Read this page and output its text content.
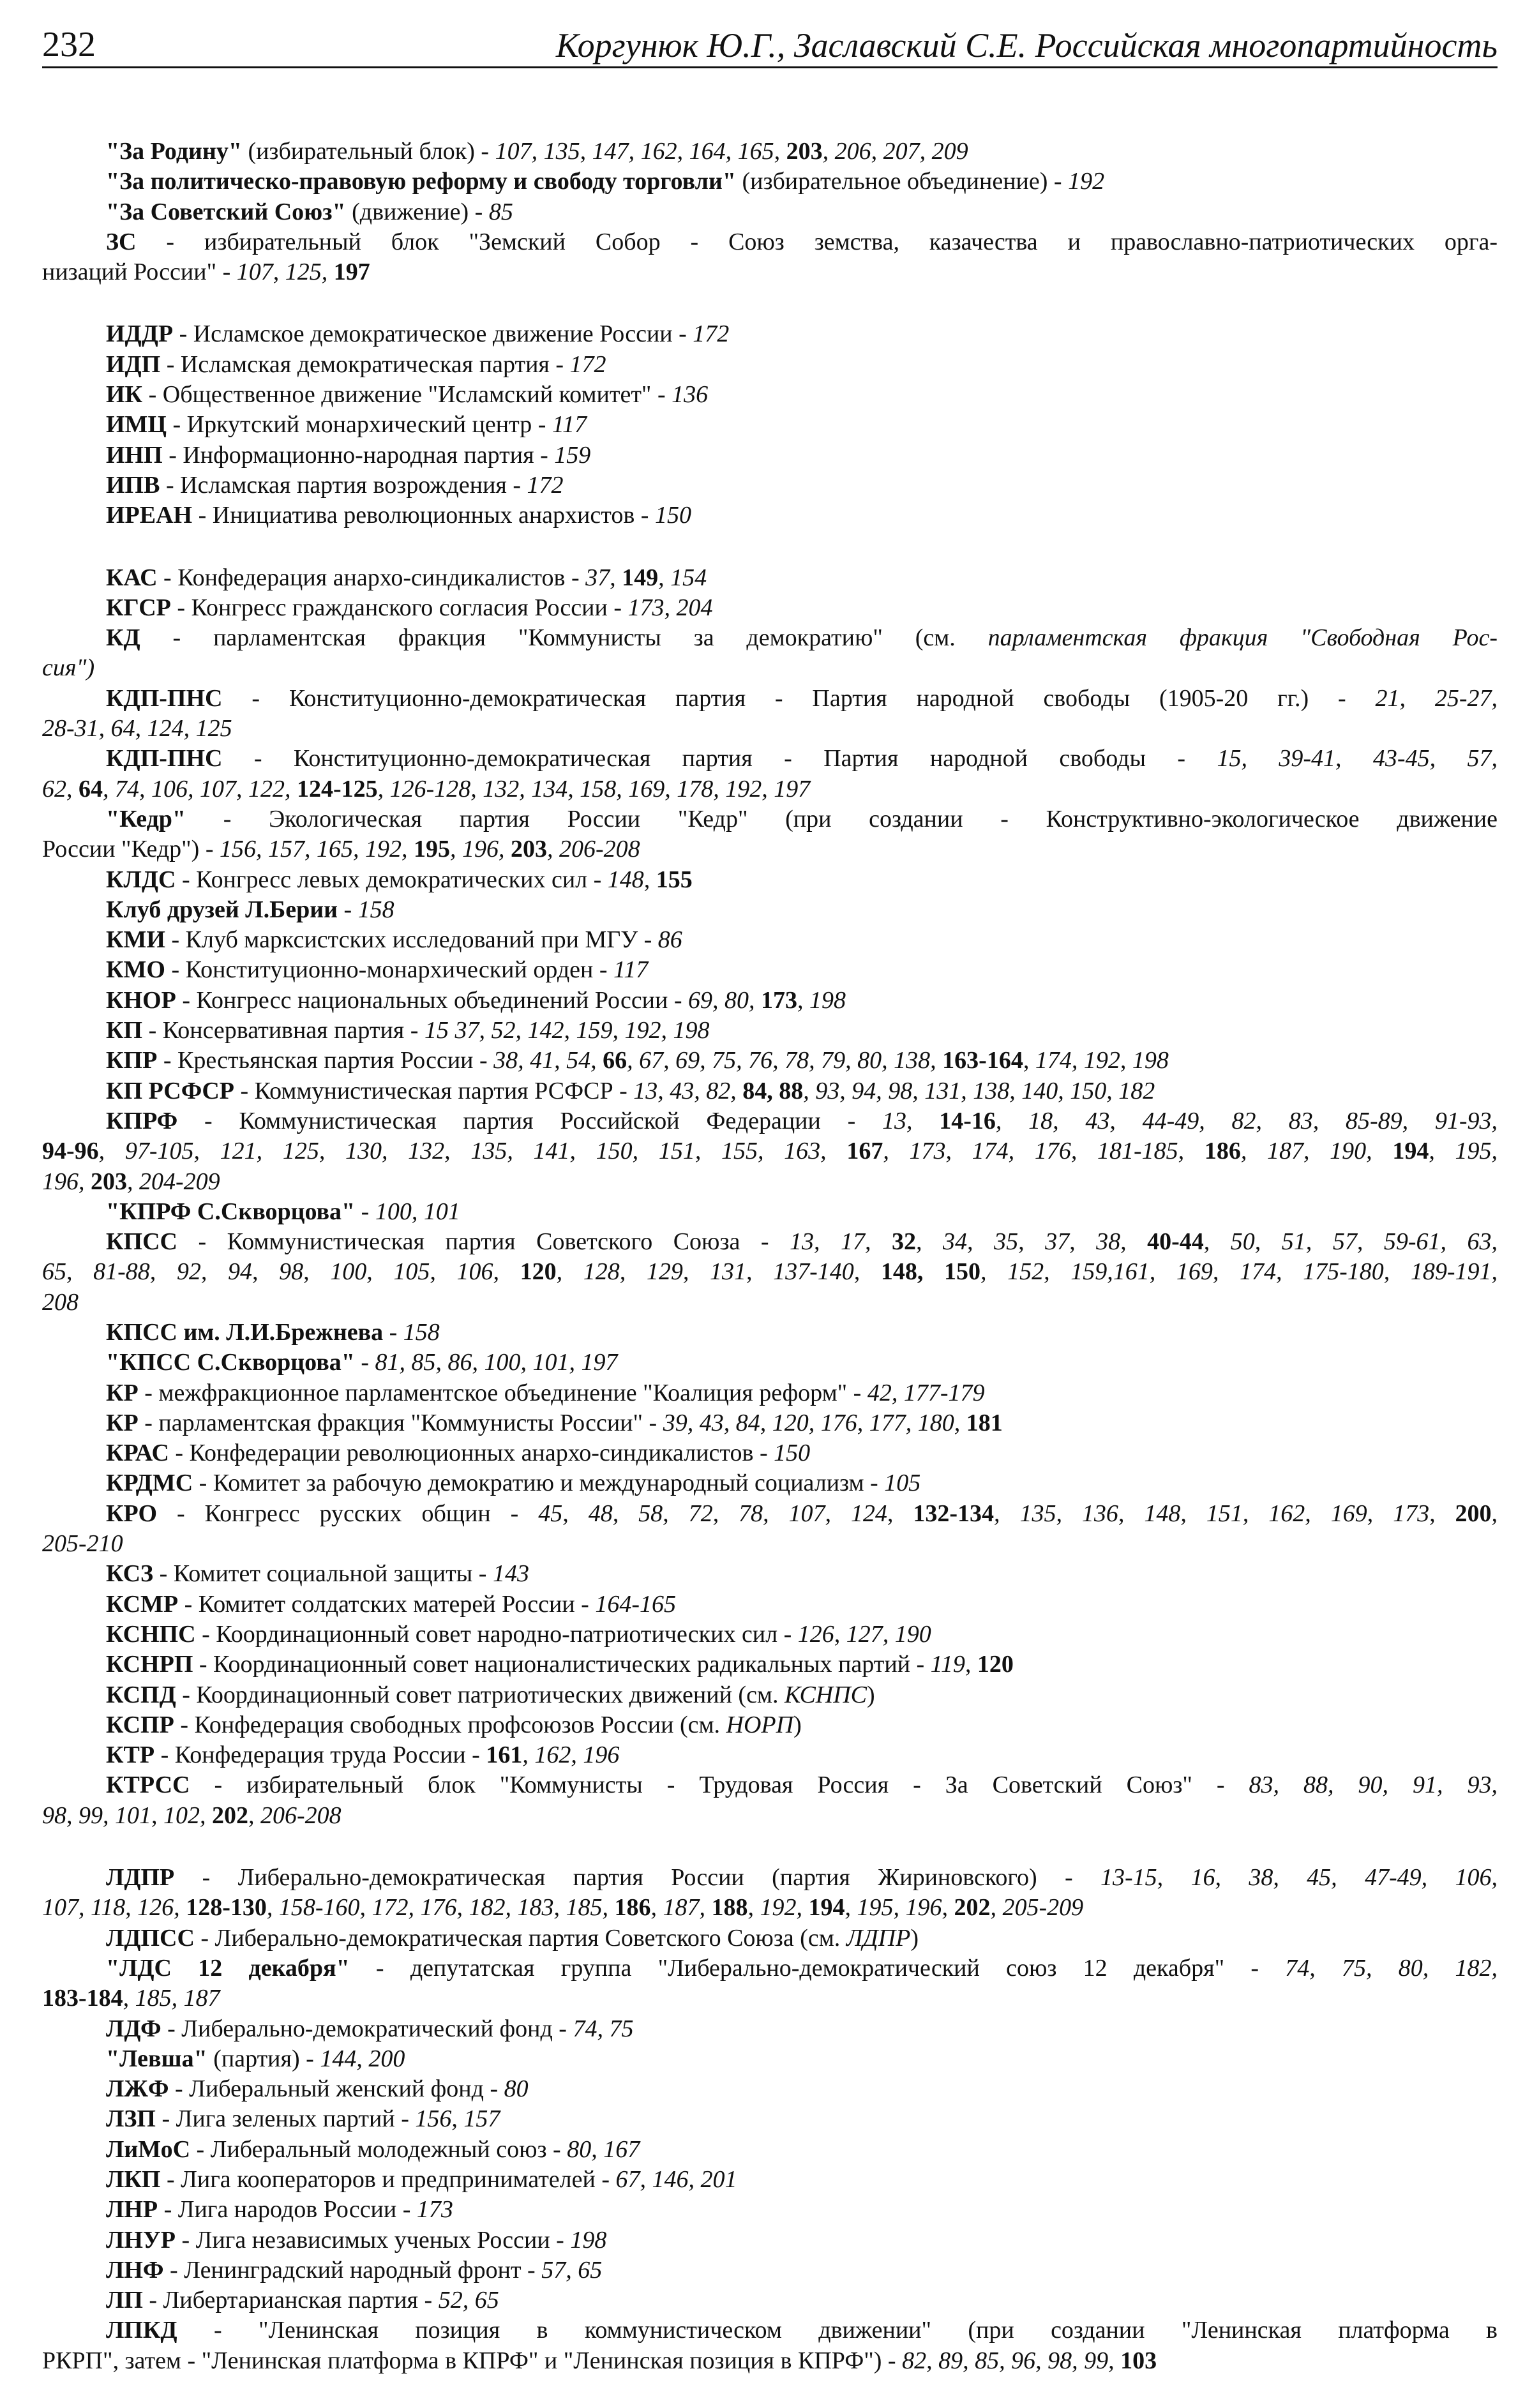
232	Коргунюк Ю.Г., Заславский С.Е. Российская многопартийность
"За Родину" (избирательный блок) - 107, 135, 147, 162, 164, 165, 203, 206, 207, 209
"За политическо-правовую реформу и свободу торговли" (избирательное объединение) - 192
"За Советский Союз" (движение) - 85
ЗС - избирательный блок "Земский Собор - Союз земства, казачества и православно-патриотических орга-
низаций России" - 107, 125, 197
ИДДР - Исламское демократическое движение России - 172
ИДП - Исламская демократическая партия - 172
ИК - Общественное движение "Исламский комитет" - 136
ИМЦ - Иркутский монархический центр - 117
ИНП - Информационно-народная партия - 159
ИПВ - Исламская партия возрождения - 172
ИРЕАН - Инициатива революционных анархистов - 150
КАС - Конфедерация анархо-синдикалистов - 37, 149, 154
КГСР - Конгресс гражданского согласия России - 173, 204
КД - парламентская фракция "Коммунисты за демократию" (см. парламентская фракция "Свободная Рос-
сия")
КДП-ПНС - Конституционно-демократическая партия - Партия народной свободы (1905-20 гг.) - 21, 25-27,
28-31, 64, 124, 125
КДП-ПНС - Конституционно-демократическая партия - Партия народной свободы - 15, 39-41, 43-45, 57,
62, 64, 74, 106, 107, 122, 124-125, 126-128, 132, 134, 158, 169, 178, 192, 197
"Кедр" - Экологическая партия России "Кедр" (при создании - Конструктивно-экологическое движение
России "Кедр") - 156, 157, 165, 192, 195, 196, 203, 206-208
КЛДС - Конгресс левых демократических сил - 148, 155
Клуб друзей Л.Берии - 158
КМИ - Клуб марксистских исследований при МГУ - 86
КМО - Конституционно-монархический орден - 117
КНОР - Конгресс национальных объединений России - 69, 80, 173, 198
КП - Консервативная партия - 15 37, 52, 142, 159, 192, 198
КПР - Крестьянская партия России - 38, 41, 54, 66, 67, 69, 75, 76, 78, 79, 80, 138, 163-164, 174, 192, 198
КП РСФСР - Коммунистическая партия РСФСР - 13, 43, 82, 84, 88, 93, 94, 98, 131, 138, 140, 150, 182
КПРФ - Коммунистическая партия Российской Федерации - 13, 14-16, 18, 43, 44-49, 82, 83, 85-89, 91-93,
94-96, 97-105, 121, 125, 130, 132, 135, 141, 150, 151, 155, 163, 167, 173, 174, 176, 181-185, 186, 187, 190, 194, 195,
196, 203, 204-209
"КПРФ С.Скворцова" - 100, 101
КПСС - Коммунистическая партия Советского Союза - 13, 17, 32, 34, 35, 37, 38, 40-44, 50, 51, 57, 59-61, 63,
65, 81-88, 92, 94, 98, 100, 105, 106, 120, 128, 129, 131, 137-140, 148, 150, 152, 159,161, 169, 174, 175-180, 189-191,
208
КПСС им. Л.И.Брежнева - 158
"КПСС С.Скворцова" - 81, 85, 86, 100, 101, 197
КР - межфракционное парламентское объединение "Коалиция реформ" - 42, 177-179
КР - парламентская фракция "Коммунисты России" - 39, 43, 84, 120, 176, 177, 180, 181
КРАС - Конфедерации революционных анархо-синдикалистов - 150
КРДМС - Комитет за рабочую демократию и международный социализм - 105
КРО - Конгресс русских общин - 45, 48, 58, 72, 78, 107, 124, 132-134, 135, 136, 148, 151, 162, 169, 173, 200,
205-210
КСЗ - Комитет социальной защиты - 143
КСМР - Комитет солдатских матерей России - 164-165
КСНПС - Координационный совет народно-патриотических сил - 126, 127, 190
КСНРП - Координационный совет националистических радикальных партий - 119, 120
КСПД - Координационный совет патриотических движений (см. КСНПС)
КСПР - Конфедерация свободных профсоюзов России (см. НОРП)
КТР - Конфедерация труда России - 161, 162, 196
КТРСС - избирательный блок "Коммунисты - Трудовая Россия - За Советский Союз" - 83, 88, 90, 91, 93,
98, 99, 101, 102, 202, 206-208
ЛДПР - Либерально-демократическая партия России (партия Жириновского) - 13-15, 16, 38, 45, 47-49, 106,
107, 118, 126, 128-130, 158-160, 172, 176, 182, 183, 185, 186, 187, 188, 192, 194, 195, 196, 202, 205-209
ЛДПСС - Либерально-демократическая партия Советского Союза (см. ЛДПР)
"ЛДС 12 декабря" - депутатская группа "Либерально-демократический союз 12 декабря" - 74, 75, 80, 182,
183-184, 185, 187
ЛДФ - Либерально-демократический фонд - 74, 75
"Левша" (партия) - 144, 200
ЛЖФ - Либеральный женский фонд - 80
ЛЗП - Лига зеленых партий - 156, 157
ЛиМоС - Либеральный молодежный союз - 80, 167
ЛКП - Лига кооператоров и предпринимателей - 67, 146, 201
ЛНР - Лига народов России - 173
ЛНУР - Лига независимых ученых России - 198
ЛНФ - Ленинградский народный фронт - 57, 65
ЛП - Либертарианская партия - 52, 65
ЛПКД - "Ленинская позиция в коммунистическом движении" (при создании "Ленинская платформа в
РКРП", затем - "Ленинская платформа в КПРФ" и "Ленинская позиция в КПРФ") - 82, 89, 85, 96, 98, 99, 103
